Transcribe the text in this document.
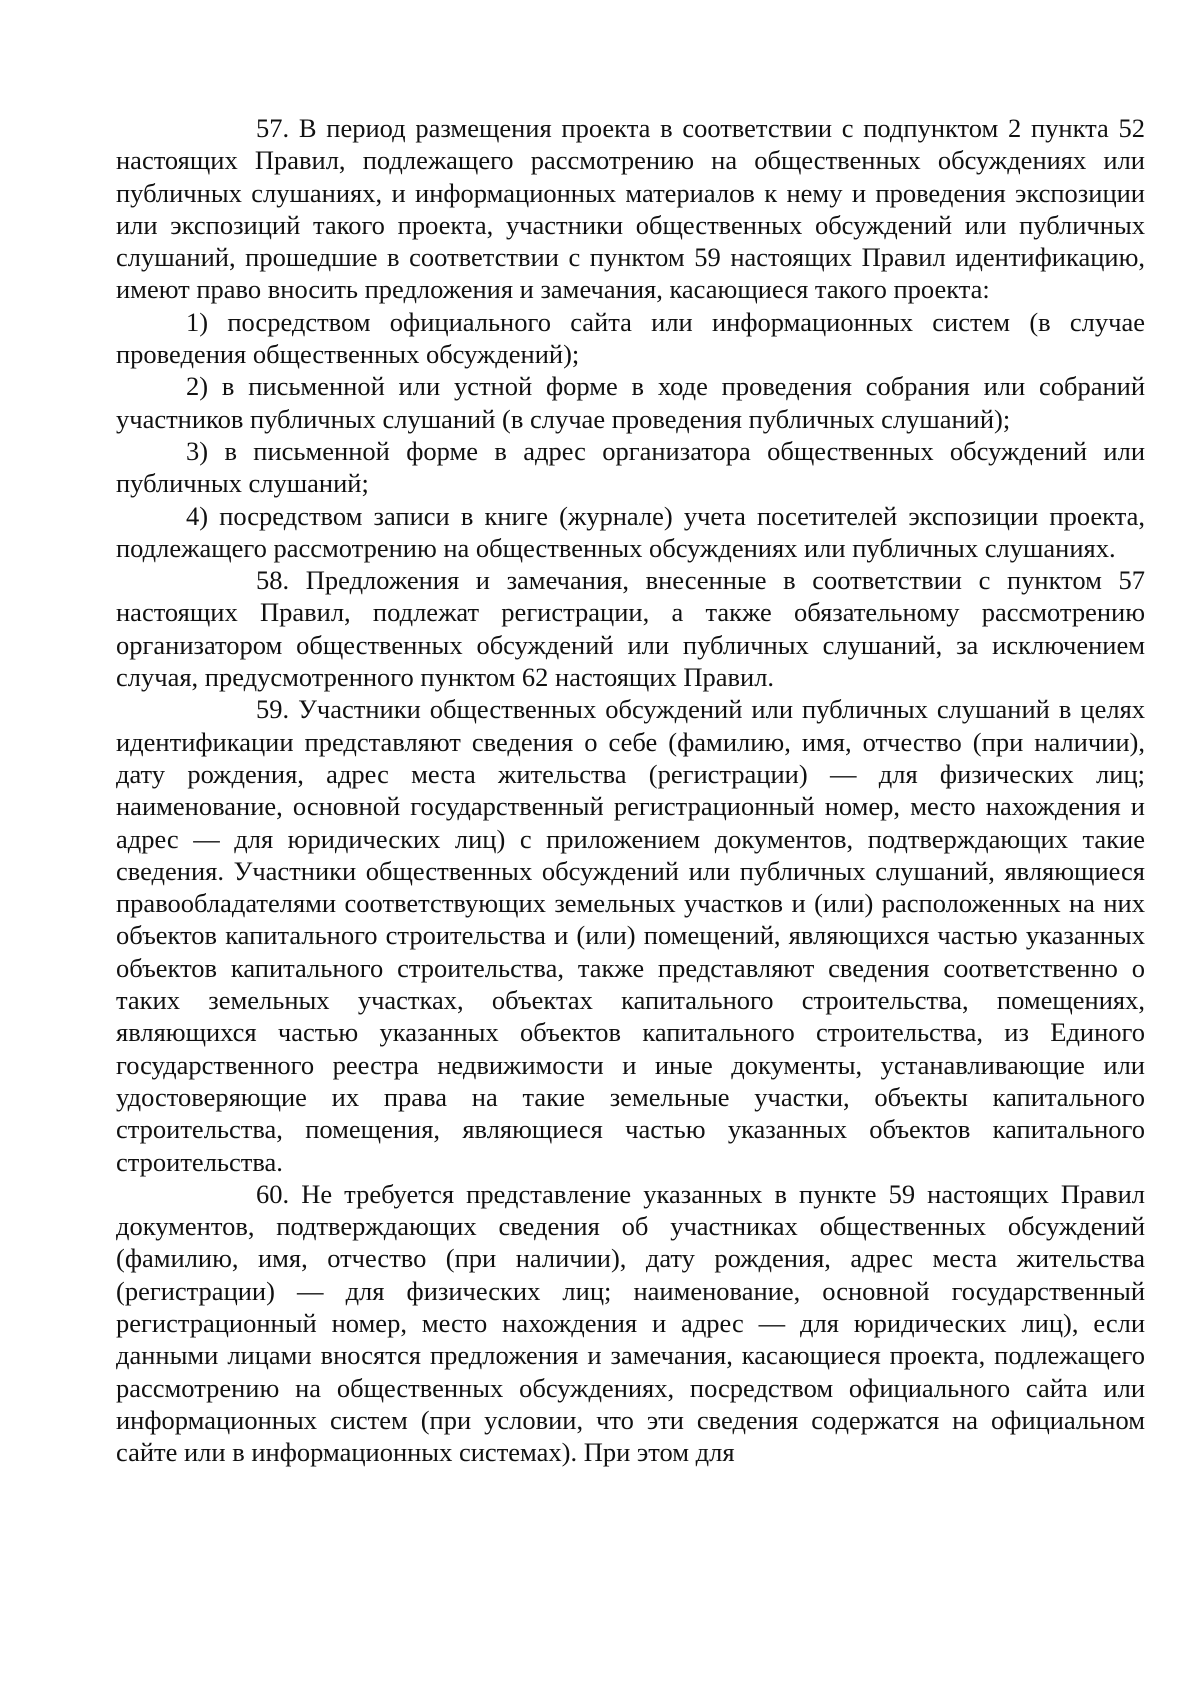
57. В период размещения проекта в соответствии с подпунктом 2 пункта 52 настоящих Правил, подлежащего рассмотрению на общественных обсуждениях или публичных слушаниях, и информационных материалов к нему и проведения экспозиции или экспозиций такого проекта, участники общественных обсуждений или публичных слушаний, прошедшие в соответствии с пунктом 59 настоящих Правил идентификацию, имеют право вносить предложения и замечания, касающиеся такого проекта:

1) посредством официального сайта или информационных систем (в случае проведения общественных обсуждений);

2) в письменной или устной форме в ходе проведения собрания или собраний участников публичных слушаний (в случае проведения публичных слушаний);

3) в письменной форме в адрес организатора общественных обсуждений или публичных слушаний;

4) посредством записи в книге (журнале) учета посетителей экспозиции проекта, подлежащего рассмотрению на общественных обсуждениях или публичных слушаниях.

58. Предложения и замечания, внесенные в соответствии с пунктом 57 настоящих Правил, подлежат регистрации, а также обязательному рассмотрению организатором общественных обсуждений или публичных слушаний, за исключением случая, предусмотренного пунктом 62 настоящих Правил.

59. Участники общественных обсуждений или публичных слушаний в целях идентификации представляют сведения о себе (фамилию, имя, отчество (при наличии), дату рождения, адрес места жительства (регистрации) — для физических лиц; наименование, основной государственный регистрационный номер, место нахождения и адрес — для юридических лиц) с приложением документов, подтверждающих такие сведения. Участники общественных обсуждений или публичных слушаний, являющиеся правообладателями соответствующих земельных участков и (или) расположенных на них объектов капитального строительства и (или) помещений, являющихся частью указанных объектов капитального строительства, также представляют сведения соответственно о таких земельных участках, объектах капитального строительства, помещениях, являющихся частью указанных объектов капитального строительства, из Единого государственного реестра недвижимости и иные документы, устанавливающие или удостоверяющие их права на такие земельные участки, объекты капитального строительства, помещения, являющиеся частью указанных объектов капитального строительства.

60. Не требуется представление указанных в пункте 59 настоящих Правил документов, подтверждающих сведения об участниках общественных обсуждений (фамилию, имя, отчество (при наличии), дату рождения, адрес места жительства (регистрации) — для физических лиц; наименование, основной государственный регистрационный номер, место нахождения и адрес — для юридических лиц), если данными лицами вносятся предложения и замечания, касающиеся проекта, подлежащего рассмотрению на общественных обсуждениях, посредством официального сайта или информационных систем (при условии, что эти сведения содержатся на официальном сайте или в информационных системах). При этом для
